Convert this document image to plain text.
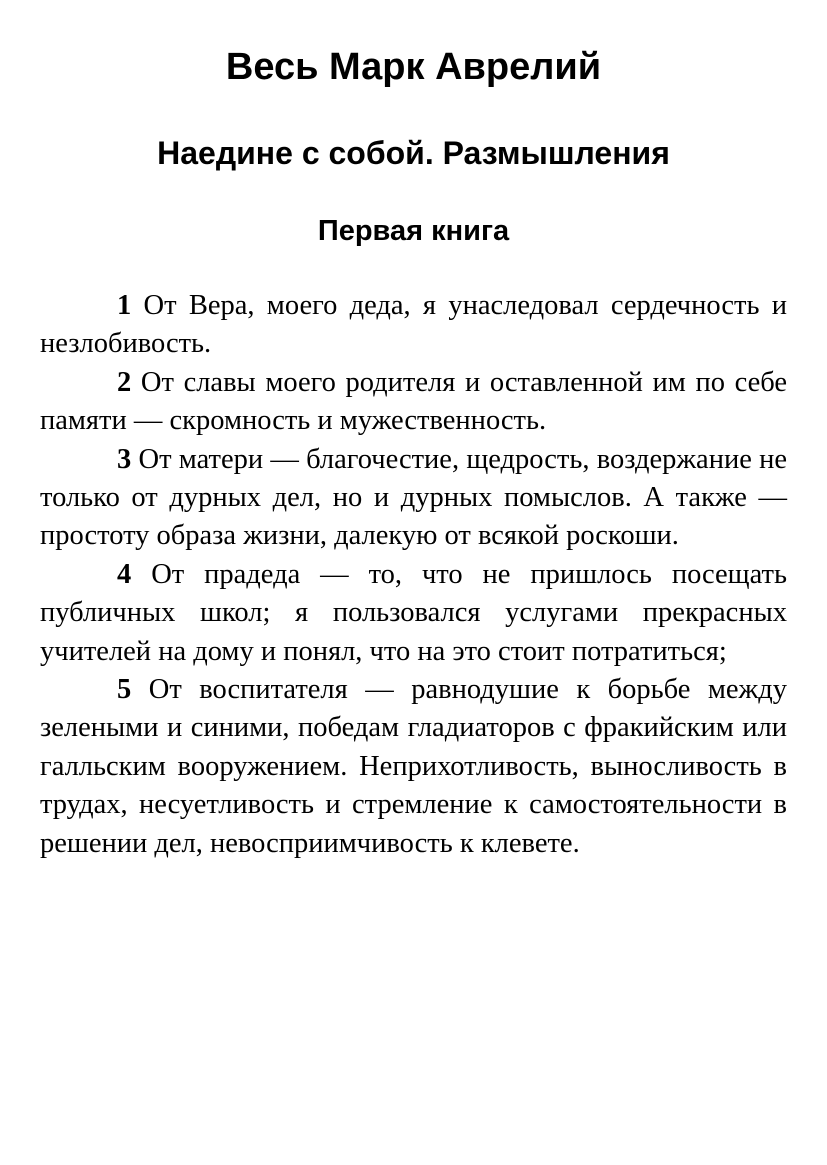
Весь Марк Аврелий
Наедине с собой. Размышления
Первая книга

1 От Вера, моего деда, я унаследовал сердечность и незлобивость.

2 От славы моего родителя и оставленной им по себе памяти — скромность и мужественность.

3 От матери — благочестие, щедрость, воздержание не только от дурных дел, но и дурных помыслов. А также — простоту образа жизни, далекую от всякой роскоши.

4 От прадеда — то, что не пришлось посещать публичных школ; я пользовался услугами прекрасных учителей на дому и понял, что на это стоит потратиться;

5 От воспитателя — равнодушие к борьбе между зелеными и синими, победам гладиаторов с фракийским или галльским вооружением. Неприхотливость, выносливость в трудах, несуетливость и стремление к самостоятельности в решении дел, невосприимчивость к клевете.
